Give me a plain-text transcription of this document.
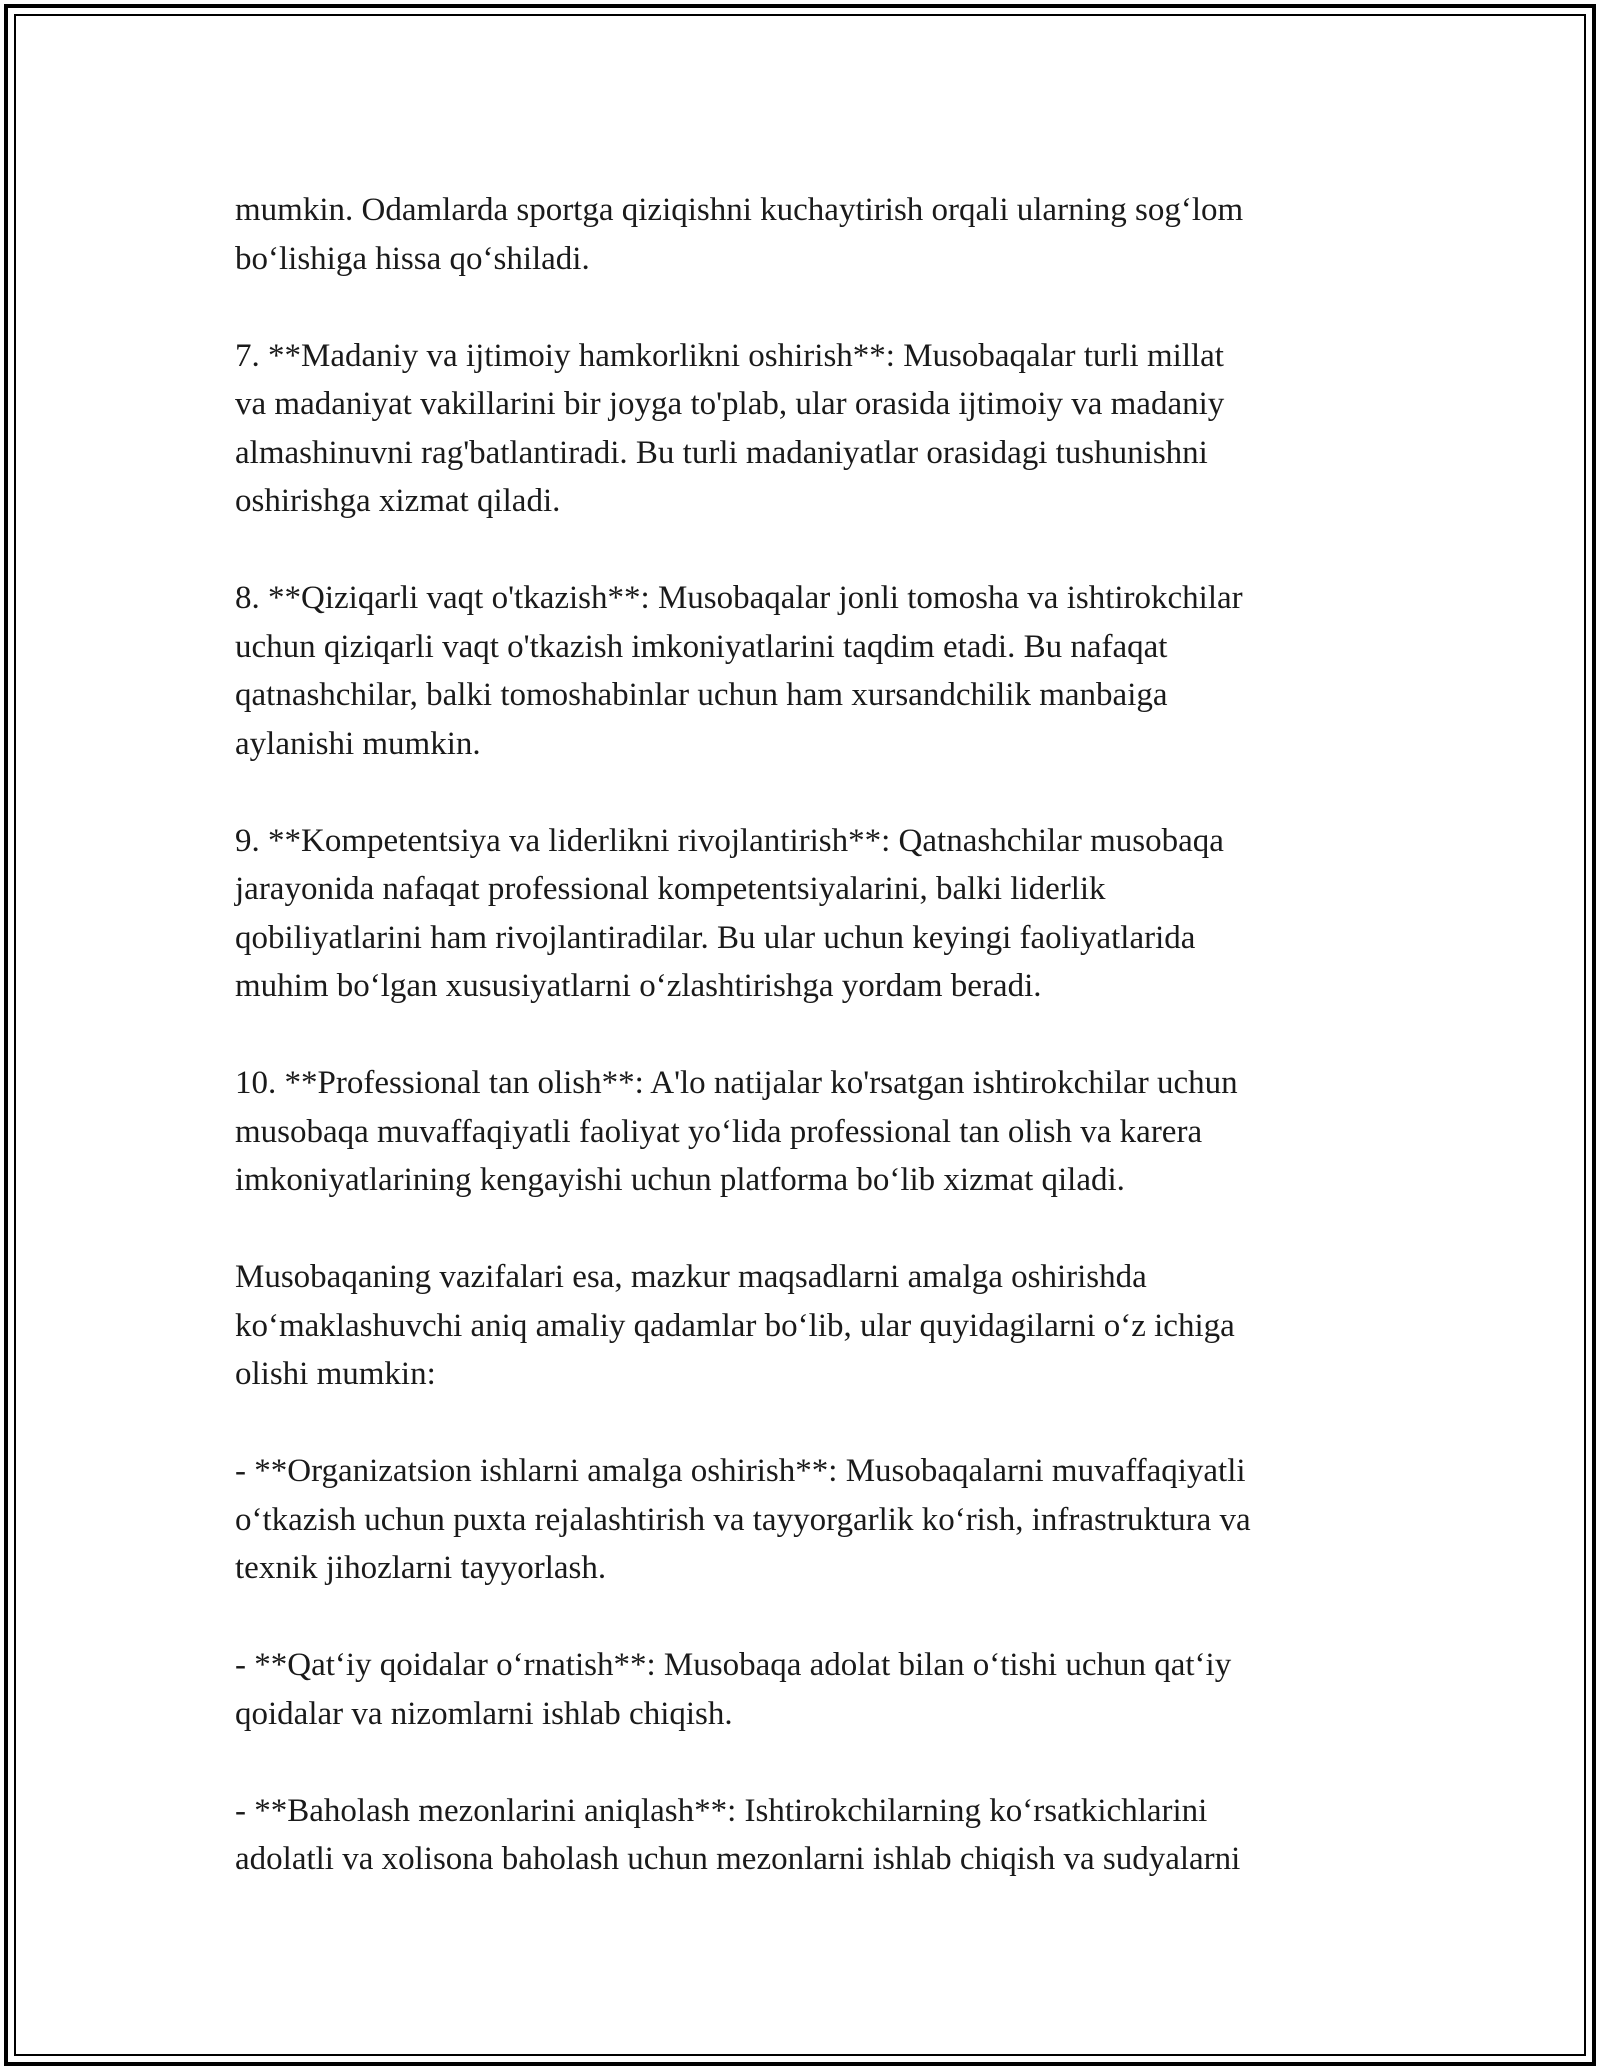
mumkin. Odamlarda sportga qiziqishni kuchaytirish orqali ularning sog‘lom
bo‘lishiga hissa qo‘shiladi.

7. **Madaniy va ijtimoiy hamkorlikni oshirish**: Musobaqalar turli millat
va madaniyat vakillarini bir joyga to'plab, ular orasida ijtimoiy va madaniy
almashinuvni rag'batlantiradi. Bu turli madaniyatlar orasidagi tushunishni
oshirishga xizmat qiladi.

8. **Qiziqarli vaqt o'tkazish**: Musobaqalar jonli tomosha va ishtirokchilar
uchun qiziqarli vaqt o'tkazish imkoniyatlarini taqdim etadi. Bu nafaqat
qatnashchilar, balki tomoshabinlar uchun ham xursandchilik manbaiga
aylanishi mumkin.

9. **Kompetentsiya va liderlikni rivojlantirish**: Qatnashchilar musobaqa
jarayonida nafaqat professional kompetentsiyalarini, balki liderlik
qobiliyatlarini ham rivojlantiradilar. Bu ular uchun keyingi faoliyatlarida
muhim bo‘lgan xususiyatlarni o‘zlashtirishga yordam beradi.

10. **Professional tan olish**: A'lo natijalar ko'rsatgan ishtirokchilar uchun
musobaqa muvaffaqiyatli faoliyat yo‘lida professional tan olish va karera
imkoniyatlarining kengayishi uchun platforma bo‘lib xizmat qiladi.

Musobaqaning vazifalari esa, mazkur maqsadlarni amalga oshirishda
ko‘maklashuvchi aniq amaliy qadamlar bo‘lib, ular quyidagilarni o‘z ichiga
olishi mumkin:

- **Organizatsion ishlarni amalga oshirish**: Musobaqalarni muvaffaqiyatli
o‘tkazish uchun puxta rejalashtirish va tayyorgarlik ko‘rish, infrastruktura va
texnik jihozlarni tayyorlash.

- **Qat‘iy qoidalar o‘rnatish**: Musobaqa adolat bilan o‘tishi uchun qat‘iy
qoidalar va nizomlarni ishlab chiqish.

- **Baholash mezonlarini aniqlash**: Ishtirokchilarning ko‘rsatkichlarini
adolatli va xolisona baholash uchun mezonlarni ishlab chiqish va sudyalarni
